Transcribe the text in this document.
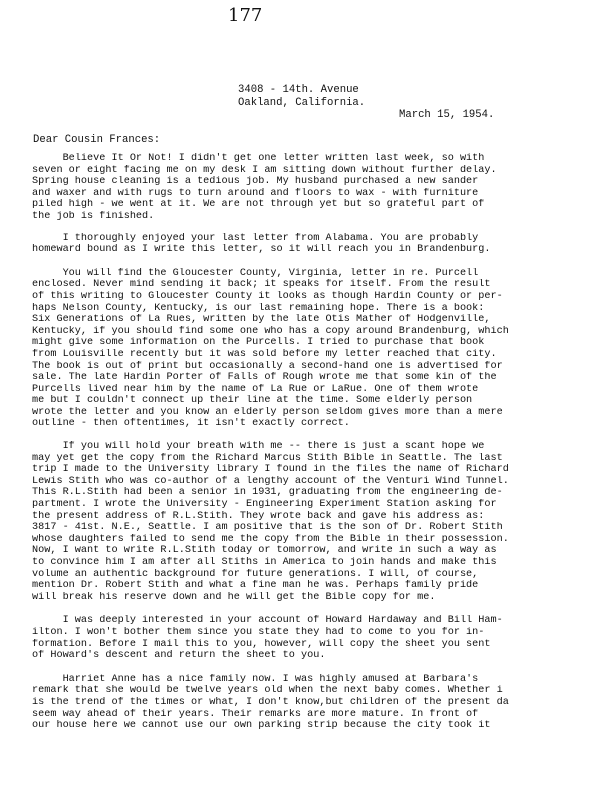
177
3408 - 14th. Avenue
Oakland, California.
March 15, 1954.
Dear Cousin Frances:
Believe It Or Not! I didn't get one letter written last week, so with
seven or eight facing me on my desk I am sitting down without further delay.
Spring house cleaning is a tedious job. My husband purchased a new sander
and waxer and with rugs to turn around and floors to wax - with furniture
piled high - we went at it. We are not through yet but so grateful part of
the job is finished.
I thoroughly enjoyed your last letter from Alabama. You are probably
homeward bound as I write this letter, so it will reach you in Brandenburg.
You will find the Gloucester County, Virginia, letter in re. Purcell
enclosed. Never mind sending it back; it speaks for itself. From the result
of this writing to Gloucester County it looks as though Hardin County or per-
haps Nelson County, Kentucky, is our last remaining hope. There is a book:
Six Generations of La Rues, written by the late Otis Mather of Hodgenville,
Kentucky, if you should find some one who has a copy around Brandenburg, which
might give some information on the Purcells. I tried to purchase that book
from Louisville recently but it was sold before my letter reached that city.
The book is out of print but occasionally a second-hand one is advertised for
sale. The late Hardin Porter of Falls of Rough wrote me that some kin of the
Purcells lived near him by the name of La Rue or LaRue. One of them wrote
me but I couldn't connect up their line at the time. Some elderly person
wrote the letter and you know an elderly person seldom gives more than a mere
outline - then oftentimes, it isn't exactly correct.
If you will hold your breath with me -- there is just a scant hope we
may yet get the copy from the Richard Marcus Stith Bible in Seattle. The last
trip I made to the University library I found in the files the name of Richard
Lewis Stith who was co-author of a lengthy account of the Venturi Wind Tunnel.
This R.L.Stith had been a senior in 1931, graduating from the engineering de-
partment. I wrote the University - Engineering Experiment Station asking for
the present address of R.L.Stith. They wrote back and gave his address as:
3817 - 41st. N.E., Seattle. I am positive that is the son of Dr. Robert Stith
whose daughters failed to send me the copy from the Bible in their possession.
Now, I want to write R.L.Stith today or tomorrow, and write in such a way as
to convince him I am after all Stiths in America to join hands and make this
volume an authentic background for future generations. I will, of course,
mention Dr. Robert Stith and what a fine man he was. Perhaps family pride
will break his reserve down and he will get the Bible copy for me.
I was deeply interested in your account of Howard Hardaway and Bill Ham-
ilton. I won't bother them since you state they had to come to you for in-
formation. Before I mail this to you, however, will copy the sheet you sent
of Howard's descent and return the sheet to you.
Harriet Anne has a nice family now. I was highly amused at Barbara's
remark that she would be twelve years old when the next baby comes. Whether i
is the trend of the times or what, I don't know,but children of the present da
seem way ahead of their years. Their remarks are more mature. In front of
our house here we cannot use our own parking strip because the city took it
